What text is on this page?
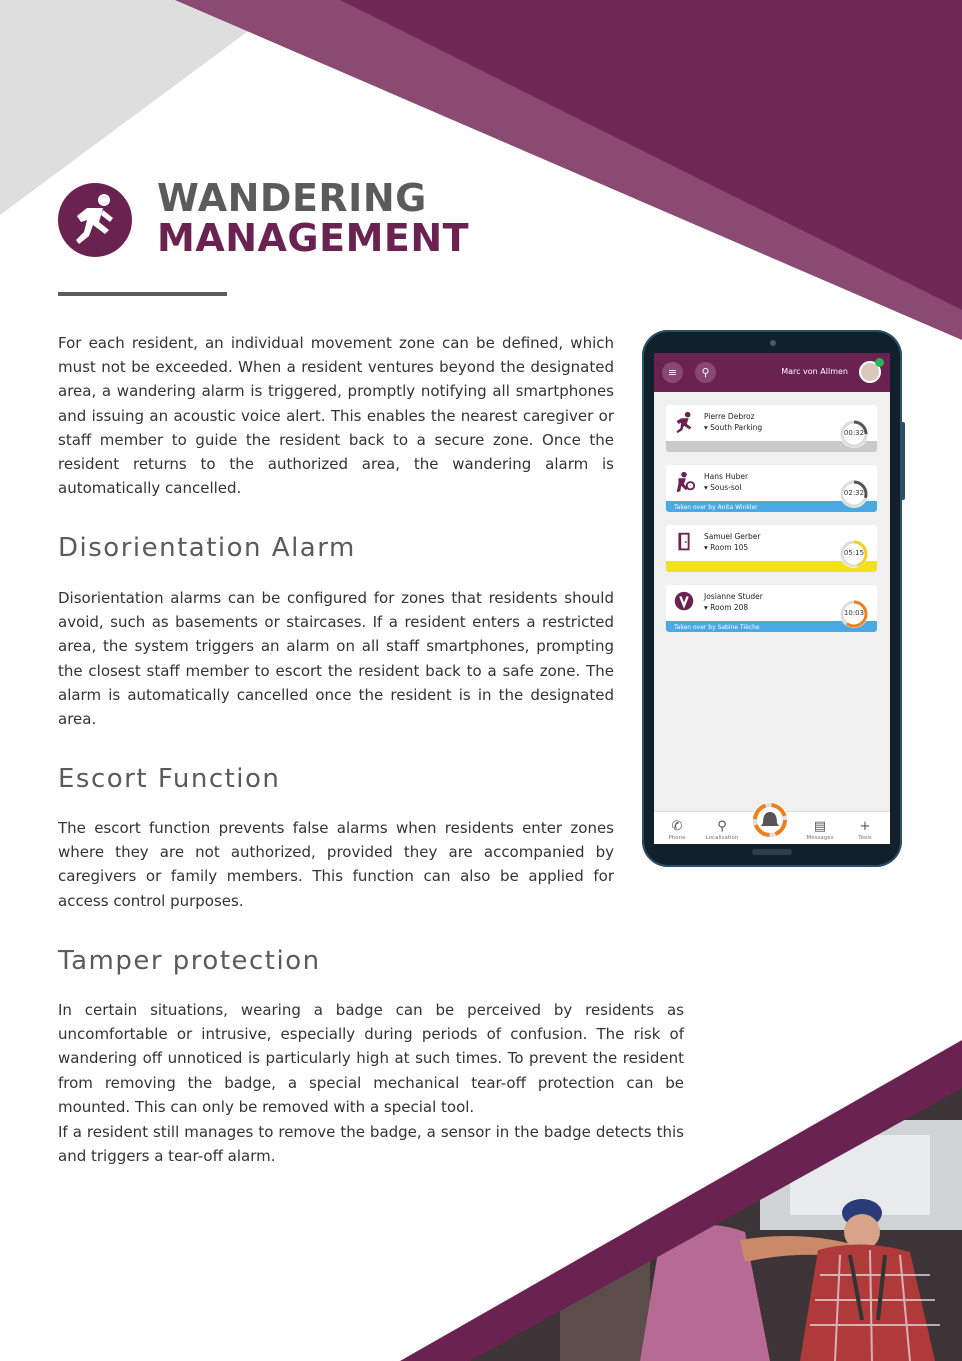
WANDERING
MANAGEMENT

For each resident, an individual movement zone can be defined, which must not be exceeded. When a resident ventures beyond the designated area, a wandering alarm is triggered, promptly notifying all smartphones and issuing an acoustic voice alert. This enables the nearest caregiver or staff member to guide the resident back to a secure zone. Once the resident returns to the authorized area, the wandering alarm is automatically cancelled.

Disorientation Alarm

Disorientation alarms can be configured for zones that residents should avoid, such as basements or staircases. If a resident enters a restricted area, the system triggers an alarm on all staff smartphones, prompting the closest staff member to escort the resident back to a safe zone. The alarm is automatically cancelled once the resident is in the designated area.

Escort Function

The escort function prevents false alarms when residents enter zones where they are not authorized, provided they are accompanied by caregivers or family members. This function can also be applied for access control purposes.

Tamper protection

In certain situations, wearing a badge can be perceived by residents as uncomfortable or intrusive, especially during periods of confusion. The risk of wandering off unnoticed is particularly high at such times. To prevent the resident from removing the badge, a special mechanical tear-off protection can be mounted. This can only be removed with a special tool.

If a resident still manages to remove the badge, a sensor in the badge detects this and triggers a tear-off alarm.

≡	⚲	Marc von Allmen
Pierre Debroz
▾ South Parking
00:32
Hans Huber
▾ Sous-sol
Taken over by Anita Winkler
02:32
Samuel Gerber
▾ Room 105
05:15
Josianne Studer
▾ Room 208
Taken over by Sabine Tièche
10:03
✆
Phone
⚲
Localisation
▤
Messages
+
Tools
